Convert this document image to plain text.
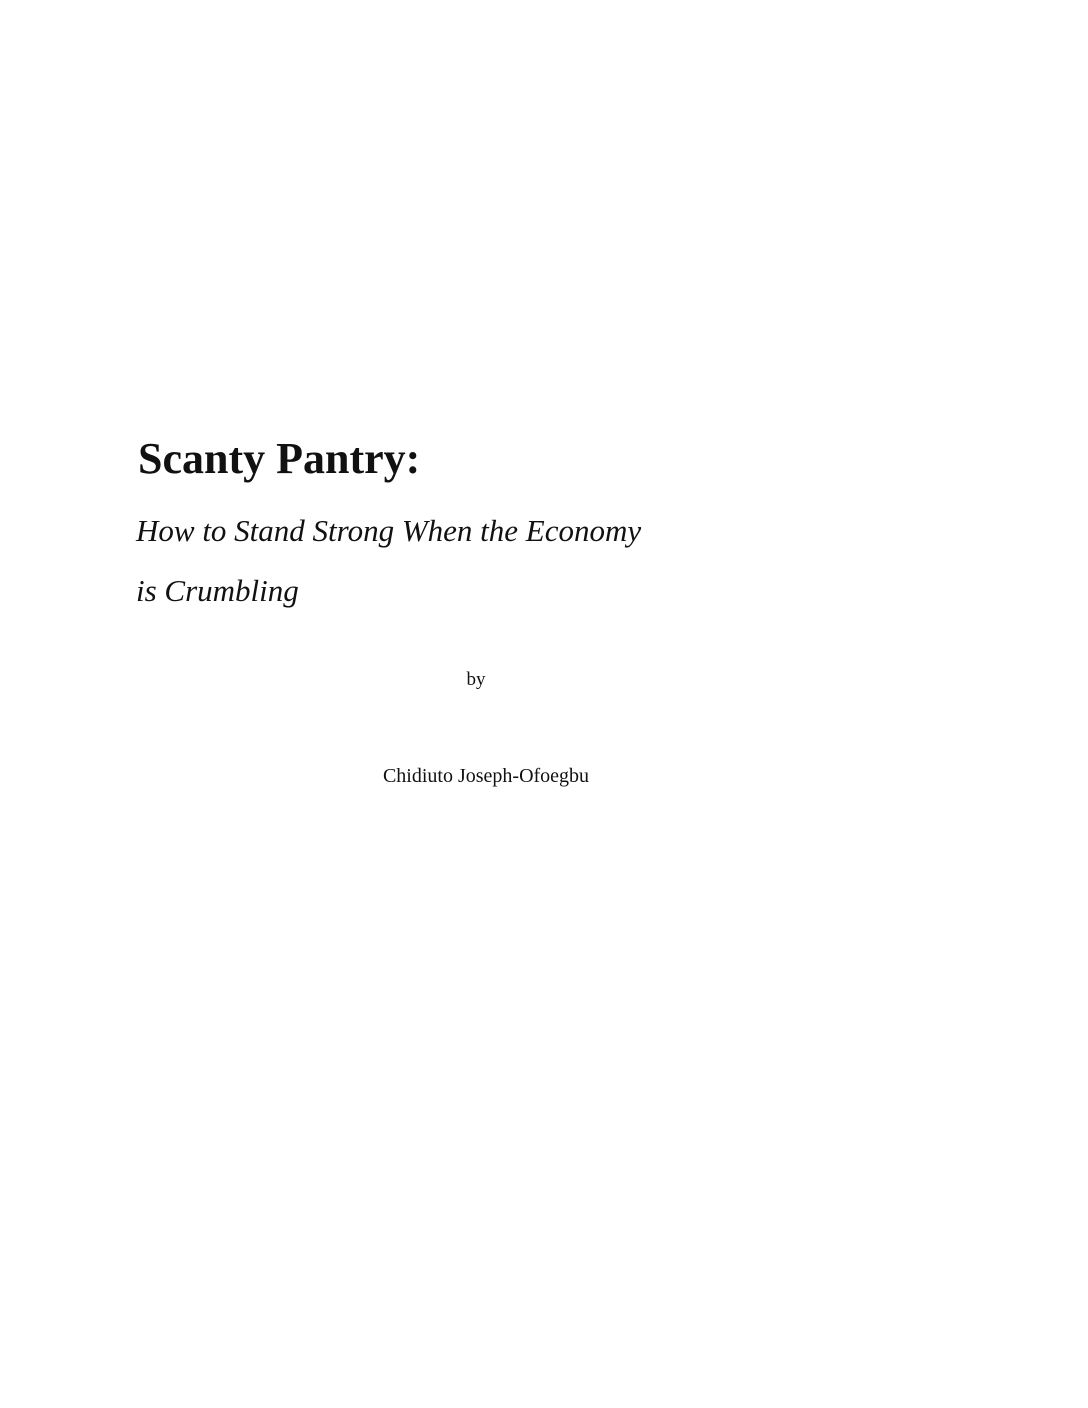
Scanty Pantry:

How to Stand Strong When the Economy

is Crumbling

by
Chidiuto Joseph-Ofoegbu
